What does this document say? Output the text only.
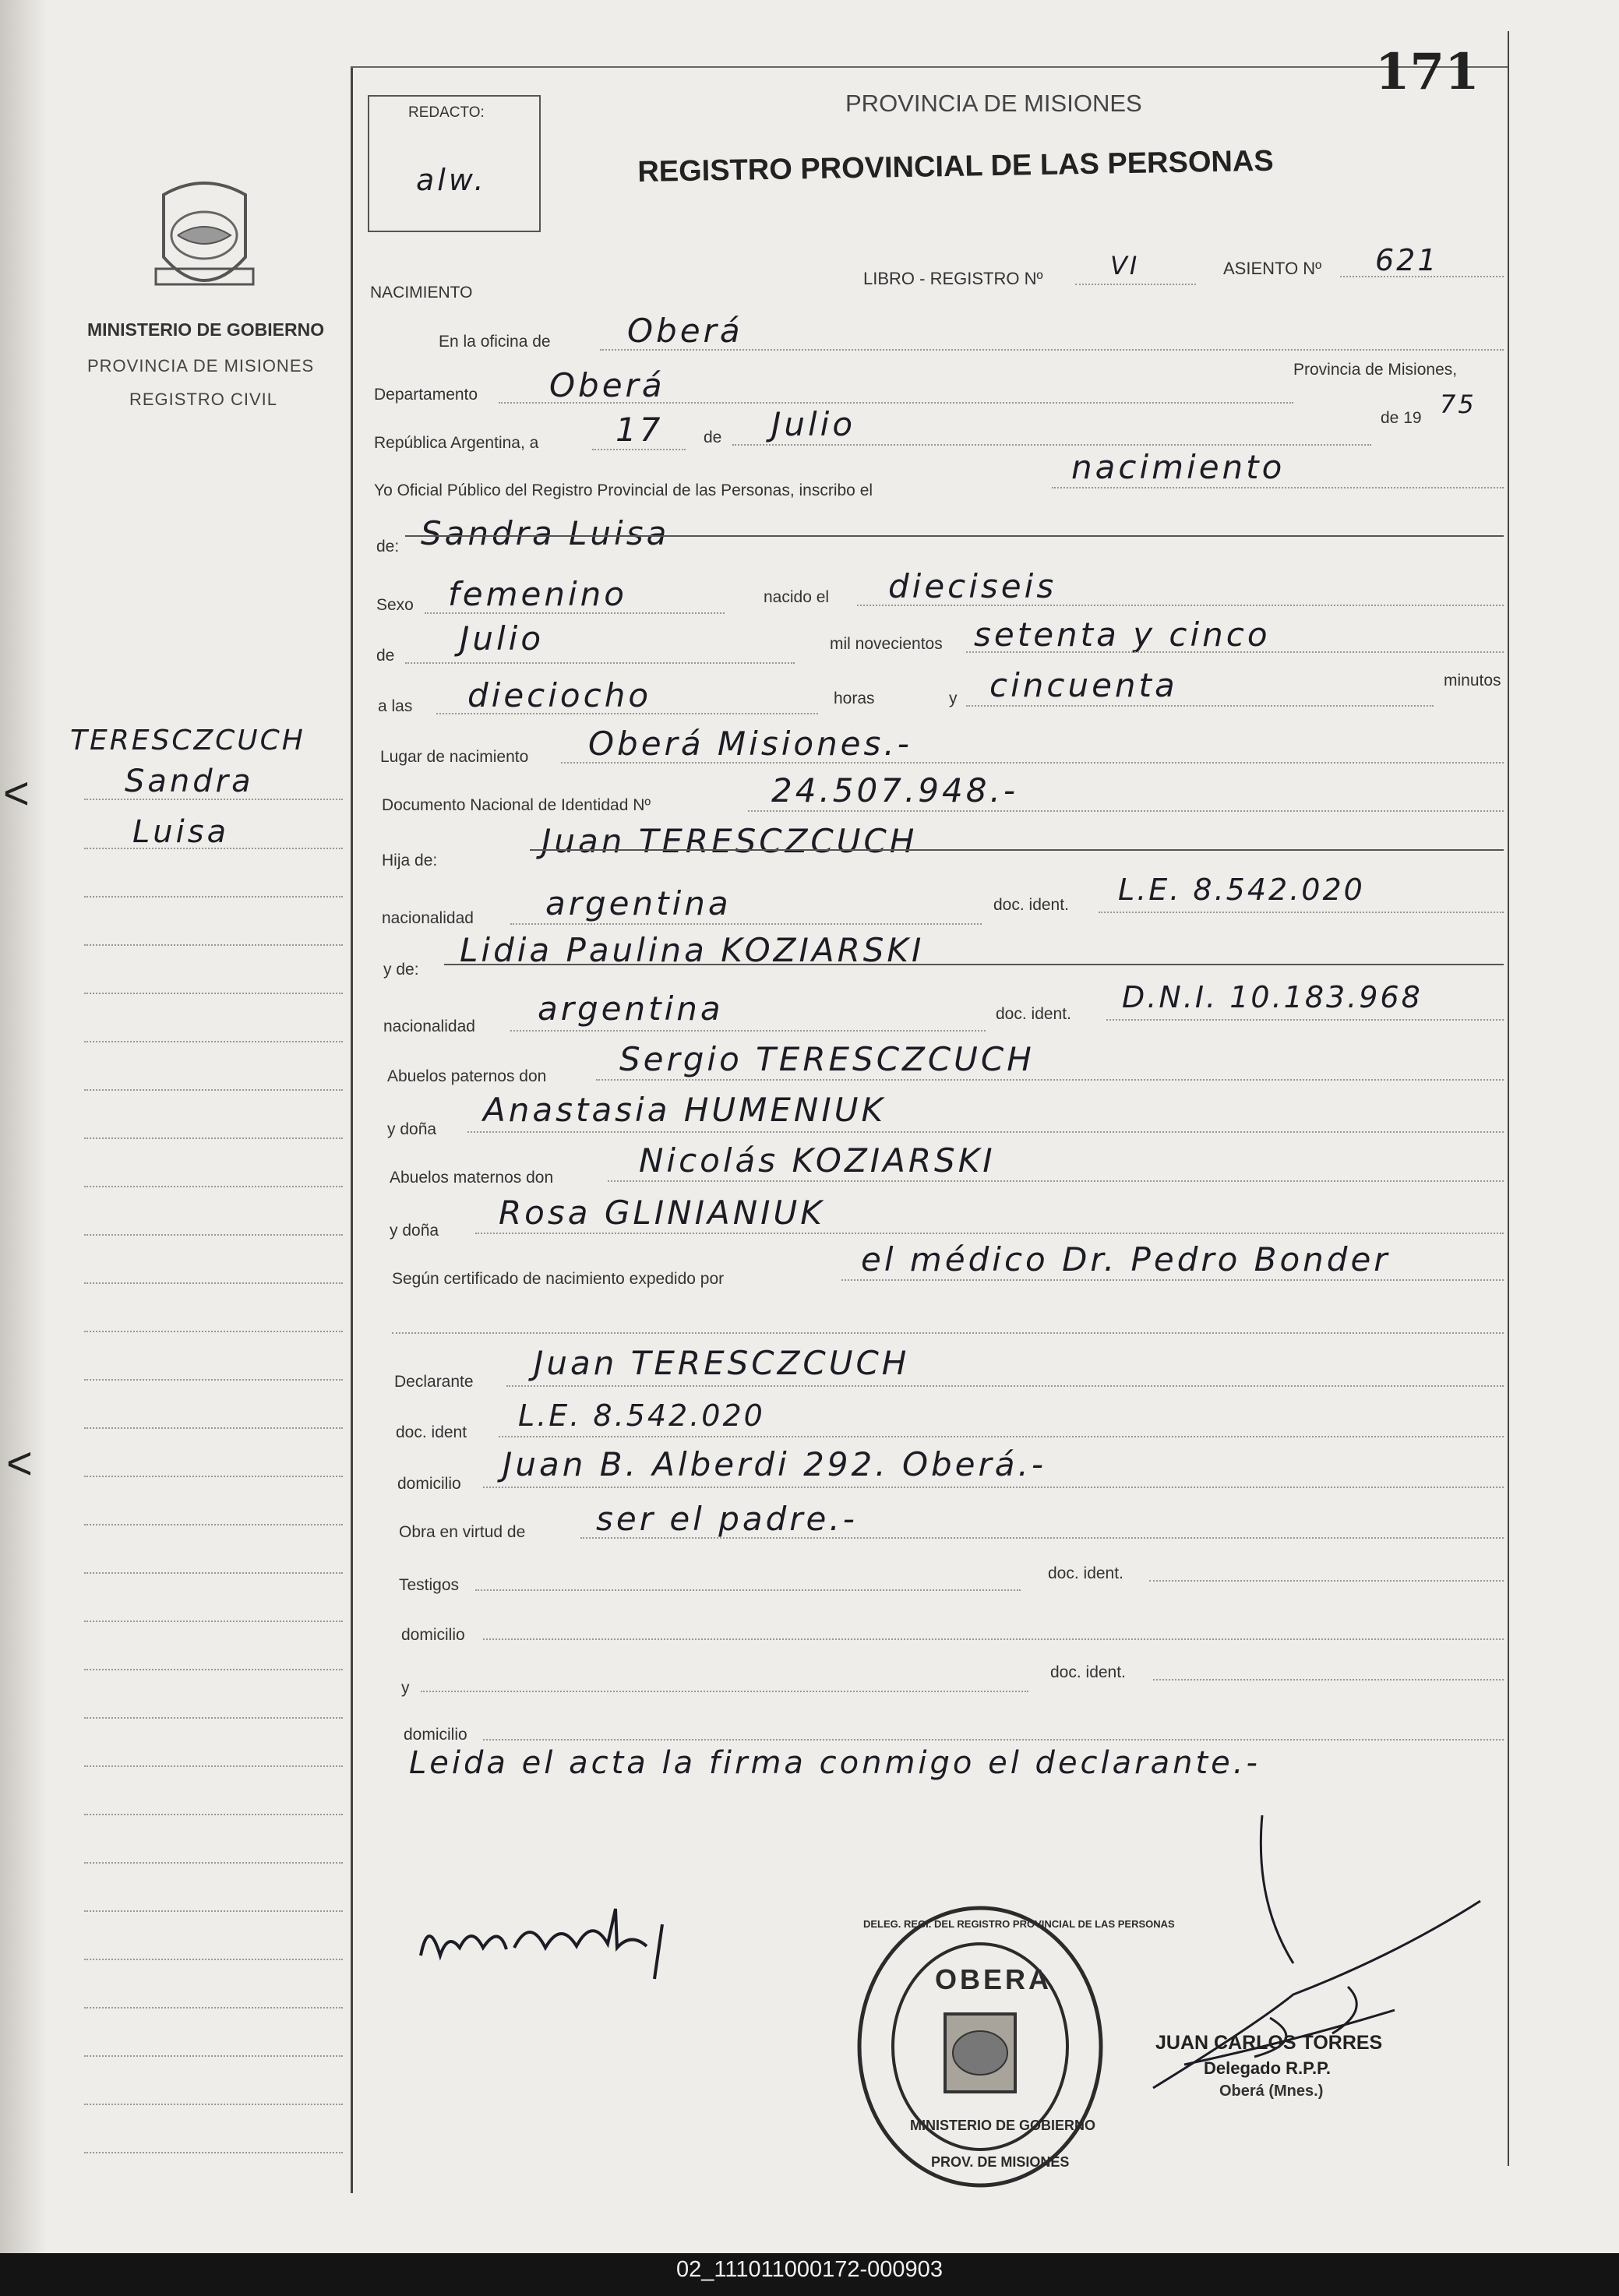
171
PROVINCIA DE MISIONES
REGISTRO PROVINCIAL DE LAS PERSONAS
REDACTO:
alw.
NACIMIENTO
LIBRO - REGISTRO Nº	VI	ASIENTO Nº 621
MINISTERIO DE GOBIERNO
PROVINCIA DE MISIONES
REGISTRO CIVIL
TERESCZCUCH
Sandra
Luisa
<
<
En la oficina de Oberá
Departamento Oberá	Provincia de Misiones,
República Argentina, a 17 de Julio	de 19 75
Yo Oficial Público del Registro Provincial de las Personas, inscribo el
nacimiento
de: Sandra Luisa
Sexo femenino	nacido el dieciseis
de Julio	mil novecientos setenta y cinco
a las dieciocho	horas	y cincuenta	minutos
Lugar de nacimiento Oberá Misiones.-
Documento Nacional de Identidad Nº	24.507.948.-
Hija de:
Juan TERESCZCUCH
nacionalidad argentina	doc. ident. L.E. 8.542.020
y de:
Lidia Paulina KOZIARSKI
nacionalidad argentina	doc. ident. D.N.I. 10.183.968
Abuelos paternos don Sergio TERESCZCUCH
y doña
Anastasia HUMENIUK
Abuelos maternos don	Nicolás KOZIARSKI
y doña Rosa GLINIANIUK
Según certificado de nacimiento expedido por
el médico Dr. Pedro Bonder
Declarante Juan TERESCZCUCH
doc. ident L.E. 8.542.020
domicilio
Juan B. Alberdi 292. Oberá.-
Obra en virtud de ser el padre.-
Testigos
doc. ident.
domicilio
y
doc. ident.
domicilio
Leida el acta la firma conmigo el declarante.-
OBERA
MINISTERIO DE GOBIERNO
DELEG. REGI. DEL REGISTRO PROVINCIAL DE LAS PERSONAS
PROV. DE MISIONES
JUAN CARLOS TORRES
Delegado R.P.P.
Oberá (Mnes.)
02_111011000172-000903
